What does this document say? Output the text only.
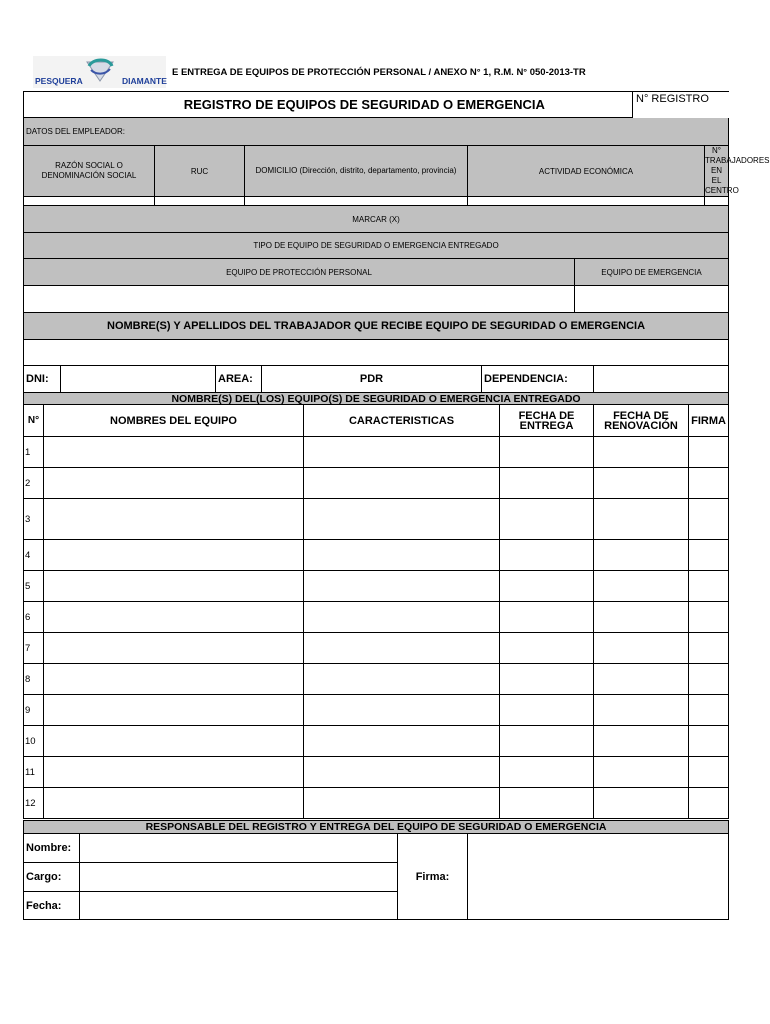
PESQUERA	DIAMANTE
E ENTREGA DE EQUIPOS DE PROTECCIÓN PERSONAL / ANEXO N° 1, R.M. N° 050-2013-TR
REGISTRO DE EQUIPOS DE SEGURIDAD O EMERGENCIA				N° REGISTRO

DATOS DEL EMPLEADOR:				
RAZÓN SOCIAL O DENOMINACIÓN SOCIAL	RUC	DOMICILIO (Dirección, distrito, departamento, provincia)	ACTIVIDAD ECONÓMICA	N° TRABAJADORES EN EL CENTRO

MARCAR (X)	
TIPO DE EQUIPO DE SEGURIDAD O EMERGENCIA ENTREGADO	
EQUIPO DE PROTECCIÓN PERSONAL	EQUIPO DE EMERGENCIA

NOMBRE(S) Y APELLIDOS DEL TRABAJADOR QUE RECIBE EQUIPO DE SEGURIDAD O EMERGENCIA

DNI:		AREA:	PDR	DEPENDENCIA:	
NOMBRE(S) DEL(LOS) EQUIPO(S) DE SEGURIDAD O EMERGENCIA ENTREGADO					
N°	NOMBRES DEL EQUIPO	CARACTERISTICAS	FECHA DE ENTREGA	FECHA DE RENOVACIÓN	FIRMA
1					
2					
3					
4					
5					
6					
7					
8					
9					
10					
11					
12					
RESPONSABLE DEL REGISTRO Y ENTREGA DEL EQUIPO DE SEGURIDAD O EMERGENCIA			
Nombre:		Firma:	
Cargo:			
Fecha:			
